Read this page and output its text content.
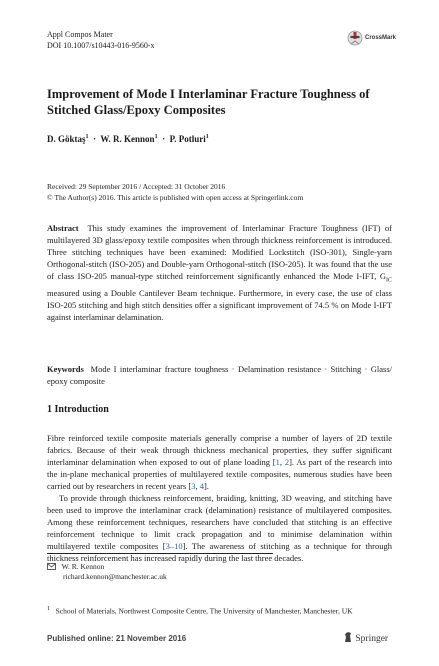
Appl Compos Mater
DOI 10.1007/s10443-016-9560-x
CrossMark
Improvement of Mode I Interlaminar Fracture Toughness of Stitched Glass/Epoxy Composites
D. Göktaş$^1$  ·  W. R. Kennon$^1$  ·  P. Potluri$^1$
Received: 29 September 2016 / Accepted: 31 October 2016
© The Author(s) 2016. This article is published with open access at Springerlink.com
Abstract This study examines the improvement of Interlaminar Fracture Toughness (IFT) of multilayered 3D glass/epoxy textile composites when through thickness reinforcement is introduced. Three stitching techniques have been examined: Modified Lockstitch (ISO-301), Single-yarn Orthogonal-stitch (ISO-205) and Double-yarn Orthogonal-stitch (ISO-205). It was found that the use of class ISO-205 manual-type stitched reinforcement significantly enhanced the Mode I-IFT, $G_{IC}$ measured using a Double Cantilever Beam technique. Furthermore, in every case, the use of class ISO-205 stitching and high stitch densities offer a significant improvement of 74.5 % on Mode I-IFT against interlaminar delamination.
Keywords Mode I interlaminar fracture toughness · Delamination resistance · Stitching · Glass/ epoxy composite
1 Introduction

Fibre reinforced textile composite materials generally comprise a number of layers of 2D textile fabrics. Because of their weak through thickness mechanical properties, they suffer significant interlaminar delamination when exposed to out of plane loading [1, 2]. As part of the research into the in-plane mechanical properties of multilayered textile composites, numerous studies have been carried out by researchers in recent years [3, 4].

To provide through thickness reinforcement, braiding, knitting, 3D weaving, and stitching have been used to improve the interlaminar crack (delamination) resistance of multilayered composites. Among these reinforcement techniques, researchers have concluded that stitching is an effective reinforcement technique to limit crack propagation and to minimise delamination within multilayered textile composites [3–10]. The awareness of stitching as a technique for through thickness reinforcement has increased rapidly during the last three decades.

W. R. Kennon
richard.kennon@manchester.ac.uk
$^1$ School of Materials, Northwest Composite Centre, The University of Manchester, Manchester, UK
Published online: 21 November 2016	Springer
